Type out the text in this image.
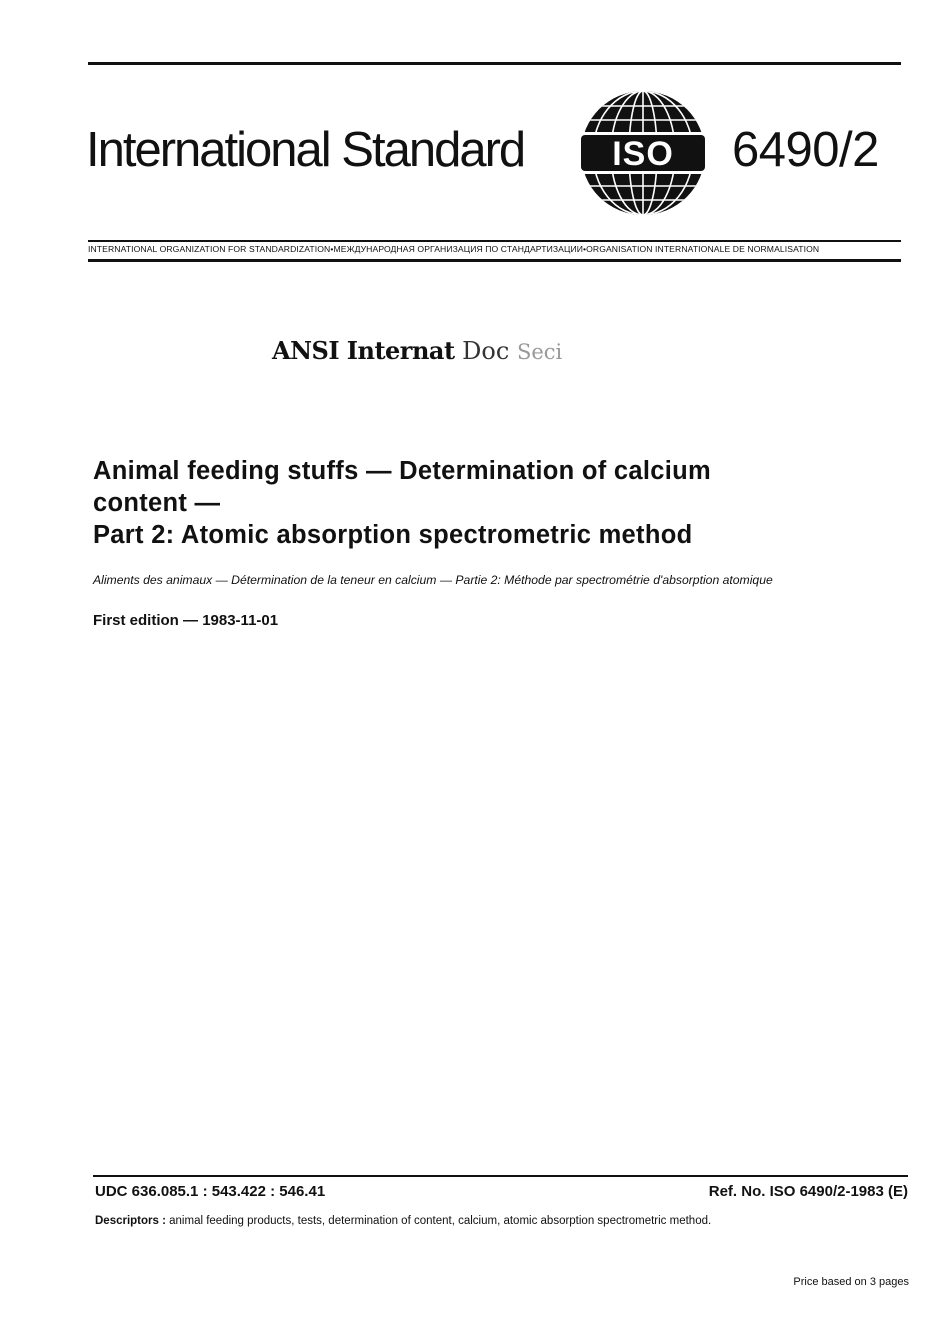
International Standard	ISO 6490/2
INTERNATIONAL ORGANIZATION FOR STANDARDIZATION•МЕЖДУНАРОДНАЯ ОРГАНИЗАЦИЯ ПО СТАНДАРТИЗАЦИИ•ORGANISATION INTERNATIONALE DE NORMALISATION
ANSI Internat Doc Seci
Animal feeding stuffs — Determination of calcium
content —
Part 2: Atomic absorption spectrometric method
Aliments des animaux — Détermination de la teneur en calcium — Partie 2: Méthode par spectrométrie d'absorption atomique
First edition — 1983-11-01
UDC 636.085.1 : 543.422 : 546.41	Ref. No. ISO 6490/2-1983 (E)
Descriptors : animal feeding products, tests, determination of content, calcium, atomic absorption spectrometric method.
Price based on 3 pages
